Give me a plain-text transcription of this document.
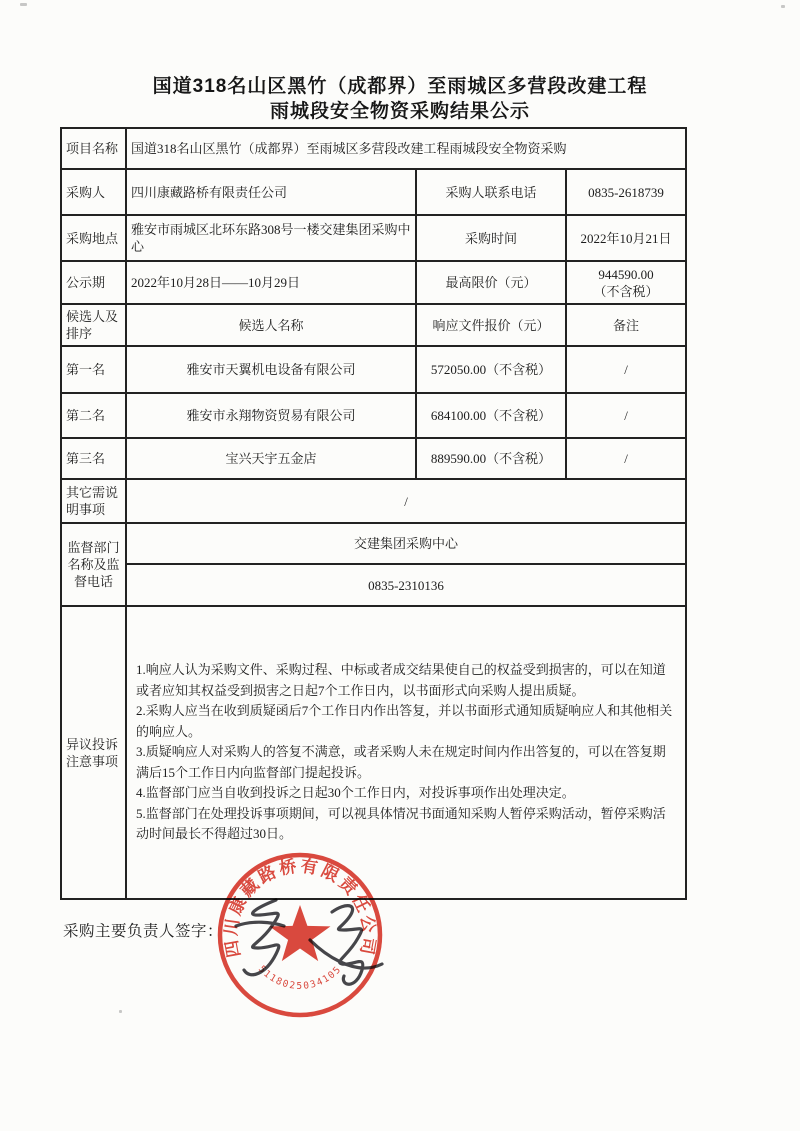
国道318名山区黑竹（成都界）至雨城区多营段改建工程
雨城段安全物资采购结果公示
项目名称	国道318名山区黑竹（成都界）至雨城区多营段改建工程雨城段安全物资采购		
采购人	四川康藏路桥有限责任公司	采购人联系电话	0835-2618739
采购地点	雅安市雨城区北环东路308号一楼交建集团采购中心	采购时间	2022年10月21日
公示期	2022年10月28日——10月29日	最高限价（元）	944590.00
（不含税）

候选人及排序	候选人名称	响应文件报价（元）	备注
第一名	雅安市天翼机电设备有限公司	572050.00（不含税）	/
第二名	雅安市永翔物资贸易有限公司	684100.00（不含税）	/
第三名	宝兴天宇五金店	889590.00（不含税）	/
其它需说明事项	/		
监督部门名称及监督电话	交建集团采购中心		
	0835-2310136		
异议投诉注意事项	1.响应人认为采购文件、采购过程、中标或者成交结果使自己的权益受到损害的，可以在知道或者应知其权益受到损害之日起7个工作日内，以书面形式向采购人提出质疑。
2.采购人应当在收到质疑函后7个工作日内作出答复，并以书面形式通知质疑响应人和其他相关的响应人。
3.质疑响应人对采购人的答复不满意，或者采购人未在规定时间内作出答复的，可以在答复期满后15个工作日内向监督部门提起投诉。
4.监督部门应当自收到投诉之日起30个工作日内，对投诉事项作出处理决定。
5.监督部门在处理投诉事项期间，可以视具体情况书面通知采购人暂停采购活动，暂停采购活动时间最长不得超过30日。		
采购主要负责人签字：
四川康藏路桥有限责任公司
5118025034105
